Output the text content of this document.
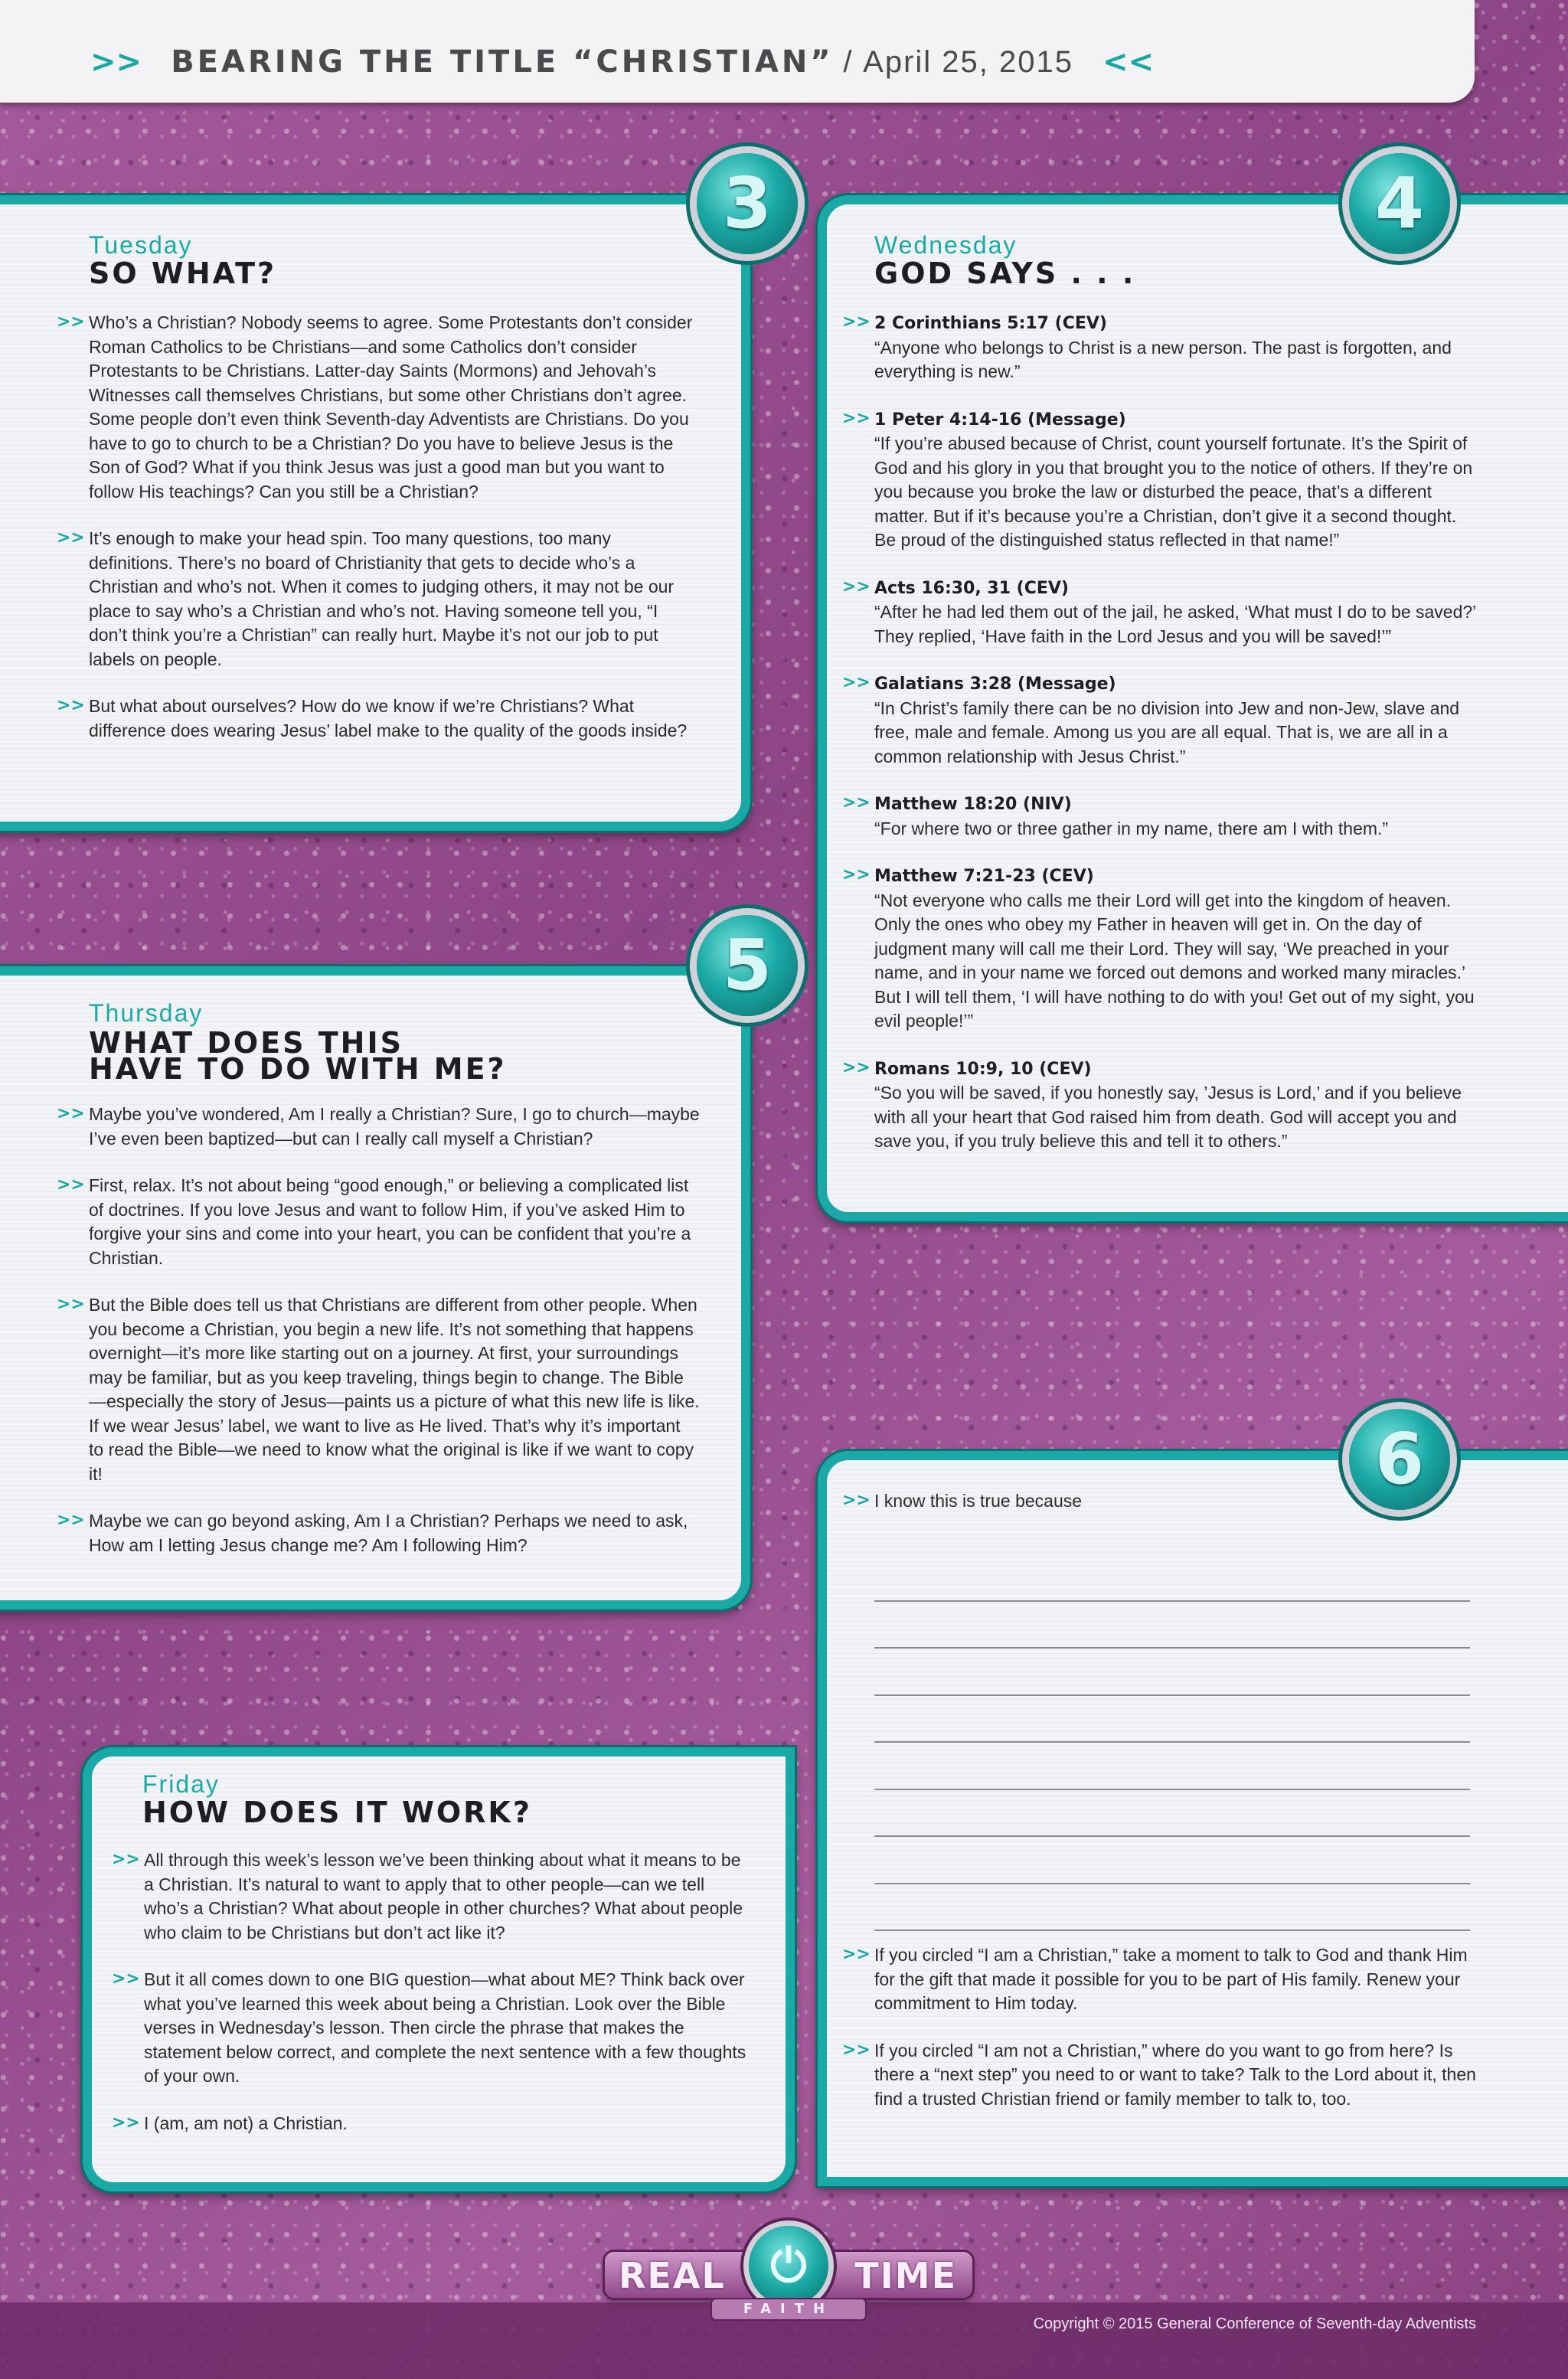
>> BEARING THE TITLE “CHRISTIAN” / April 25, 2015 <<
3
Tuesday
SO WHAT?
>> Who’s a Christian? Nobody seems to agree. Some Protestants don’t consider Roman Catholics to be Christians—and some Catholics don’t consider Protestants to be Christians. Latter-day Saints (Mormons) and Jehovah’s Witnesses call themselves Christians, but some other Christians don’t agree. Some people don’t even think Seventh-day Adventists are Christians. Do you have to go to church to be a Christian? Do you have to believe Jesus is the Son of God? What if you think Jesus was just a good man but you want to follow His teachings? Can you still be a Christian?
>> It’s enough to make your head spin. Too many questions, too many definitions. There’s no board of Christianity that gets to decide who’s a Christian and who’s not. When it comes to judging others, it may not be our place to say who’s a Christian and who’s not. Having someone tell you, “I don’t think you’re a Christian” can really hurt. Maybe it’s not our job to put labels on people.
>> But what about ourselves? How do we know if we’re Christians? What difference does wearing Jesus’ label make to the quality of the goods inside?
4
Wednesday
GOD SAYS . . .
>> 2 Corinthians 5:17 (CEV)
“Anyone who belongs to Christ is a new person. The past is forgotten, and everything is new.”
>> 1 Peter 4:14-16 (Message)
“If you’re abused because of Christ, count yourself fortunate. It’s the Spirit of God and his glory in you that brought you to the notice of others. If they’re on you because you broke the law or disturbed the peace, that’s a different matter. But if it’s because you’re a Christian, don’t give it a second thought. Be proud of the distinguished status reflected in that name!”
>> Acts 16:30, 31 (CEV)
“After he had led them out of the jail, he asked, ‘What must I do to be saved?’ They replied, ‘Have faith in the Lord Jesus and you will be saved!’”
>> Galatians 3:28 (Message)
“In Christ’s family there can be no division into Jew and non-Jew, slave and free, male and female. Among us you are all equal. That is, we are all in a common relationship with Jesus Christ.”
>> Matthew 18:20 (NIV)
“For where two or three gather in my name, there am I with them.”
>> Matthew 7:21-23 (CEV)
“Not everyone who calls me their Lord will get into the kingdom of heaven. Only the ones who obey my Father in heaven will get in. On the day of judgment many will call me their Lord. They will say, ‘We preached in your name, and in your name we forced out demons and worked many miracles.’ But I will tell them, ‘I will have nothing to do with you! Get out of my sight, you evil people!’”
>> Romans 10:9, 10 (CEV)
“So you will be saved, if you honestly say, ’Jesus is Lord,’ and if you believe with all your heart that God raised him from death. God will accept you and save you, if you truly believe this and tell it to others.”
5
Thursday
WHAT DOES THIS
HAVE TO DO WITH ME?
>> Maybe you’ve wondered, Am I really a Christian? Sure, I go to church—maybe I’ve even been baptized—but can I really call myself a Christian?
>> First, relax. It’s not about being “good enough,” or believing a complicated list of doctrines. If you love Jesus and want to follow Him, if you’ve asked Him to forgive your sins and come into your heart, you can be confident that you’re a Christian.
>> But the Bible does tell us that Christians are different from other people. When you become a Christian, you begin a new life. It’s not something that happens overnight—it’s more like starting out on a journey. At first, your surroundings may be familiar, but as you keep traveling, things begin to change. The Bible—especially the story of Jesus—paints us a picture of what this new life is like. If we wear Jesus’ label, we want to live as He lived. That’s why it’s important to read the Bible—we need to know what the original is like if we want to copy it!
>> Maybe we can go beyond asking, Am I a Christian? Perhaps we need to ask, How am I letting Jesus change me? Am I following Him?
6
>> I know this is true because
>> If you circled “I am a Christian,” take a moment to talk to God and thank Him for the gift that made it possible for you to be part of His family. Renew your commitment to Him today.
>> If you circled “I am not a Christian,” where do you want to go from here? Is there a “next step” you need to or want to take? Talk to the Lord about it, then find a trusted Christian friend or family member to talk to, too.
Friday
HOW DOES IT WORK?
>> All through this week’s lesson we’ve been thinking about what it means to be a Christian. It’s natural to want to apply that to other people—can we tell who’s a Christian? What about people in other churches? What about people who claim to be Christians but don’t act like it?
>> But it all comes down to one BIG question—what about ME? Think back over what you’ve learned this week about being a Christian. Look over the Bible verses in Wednesday’s lesson. Then circle the phrase that makes the statement below correct, and complete the next sentence with a few thoughts of your own.
>> I (am, am not) a Christian.
REAL	TIME
⏻
FAITH
Copyright © 2015 General Conference of Seventh-day Adventists
